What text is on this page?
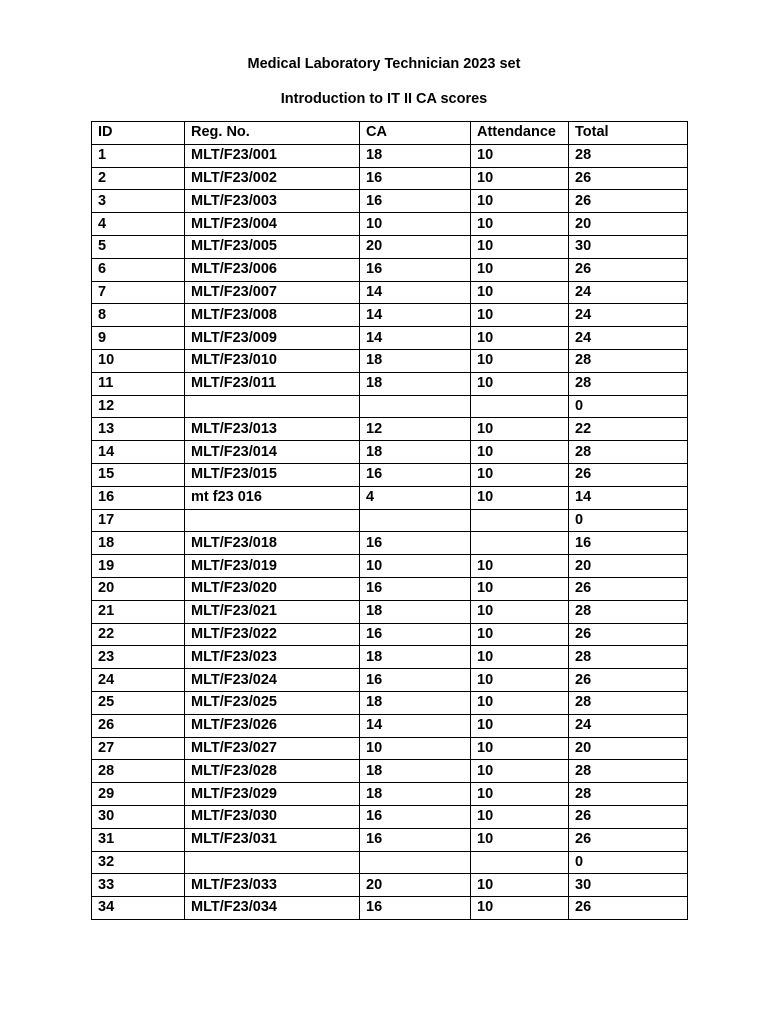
Medical Laboratory Technician 2023 set
Introduction to IT II CA scores
ID	Reg. No.	CA	Attendance	Total
1	MLT/F23/001	18	10	28
2	MLT/F23/002	16	10	26
3	MLT/F23/003	16	10	26
4	MLT/F23/004	10	10	20
5	MLT/F23/005	20	10	30
6	MLT/F23/006	16	10	26
7	MLT/F23/007	14	10	24
8	MLT/F23/008	14	10	24
9	MLT/F23/009	14	10	24
10	MLT/F23/010	18	10	28
11	MLT/F23/011	18	10	28
12				0
13	MLT/F23/013	12	10	22
14	MLT/F23/014	18	10	28
15	MLT/F23/015	16	10	26
16	mt f23 016	4	10	14
17				0
18	MLT/F23/018	16		16
19	MLT/F23/019	10	10	20
20	MLT/F23/020	16	10	26
21	MLT/F23/021	18	10	28
22	MLT/F23/022	16	10	26
23	MLT/F23/023	18	10	28
24	MLT/F23/024	16	10	26
25	MLT/F23/025	18	10	28
26	MLT/F23/026	14	10	24
27	MLT/F23/027	10	10	20
28	MLT/F23/028	18	10	28
29	MLT/F23/029	18	10	28
30	MLT/F23/030	16	10	26
31	MLT/F23/031	16	10	26
32				0
33	MLT/F23/033	20	10	30
34	MLT/F23/034	16	10	26
